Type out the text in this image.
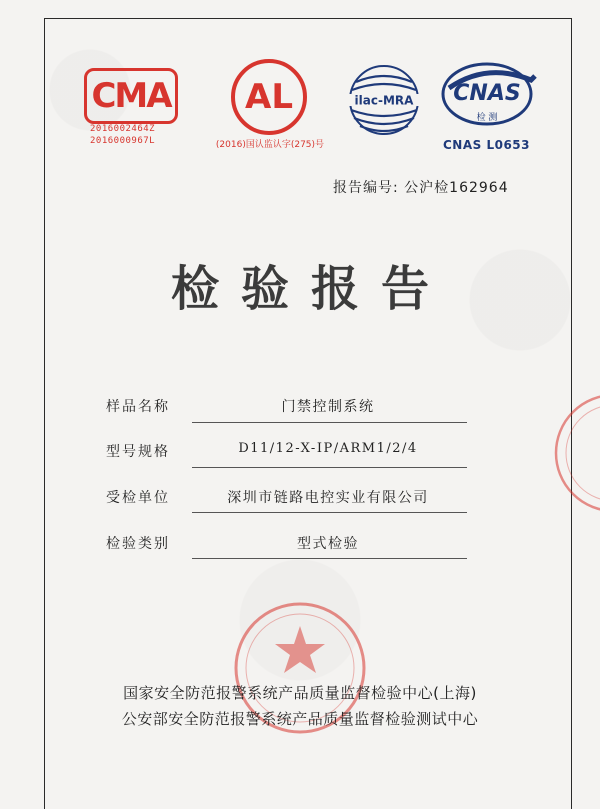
CMA
2016002464Z
2016000967L
AL
(2016)国认监认字(275)号
ilac-MRA CNAS
检 测
CNAS L0653
报告编号: 公沪检162964
检验报告
样品名称	门禁控制系统
型号规格	D11/12-X-IP/ARM1/2/4
受检单位	深圳市链路电控实业有限公司
检验类别	型式检验
国家安全防范报警系统产品质量监督检验中心(上海)
公安部安全防范报警系统产品质量监督检验测试中心
